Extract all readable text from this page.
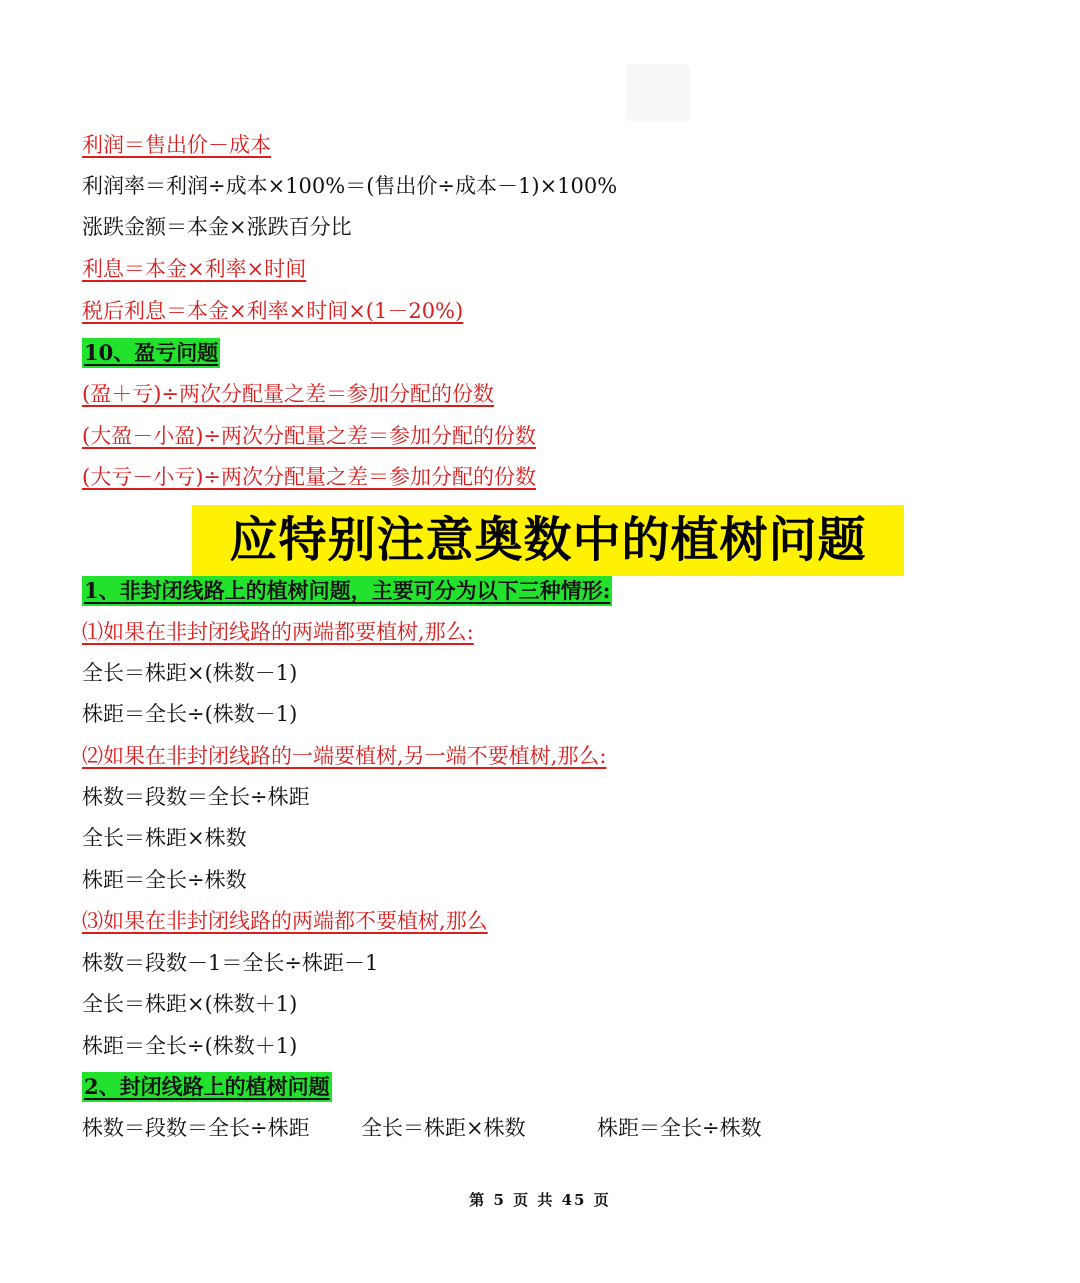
利润＝售出价－成本
利润率＝利润÷成本×100%＝(售出价÷成本－1)×100%
涨跌金额＝本金×涨跌百分比
利息＝本金×利率×时间
税后利息＝本金×利率×时间×(1－20%)
10、盈亏问题
(盈＋亏)÷两次分配量之差＝参加分配的份数
(大盈－小盈)÷两次分配量之差＝参加分配的份数
(大亏－小亏)÷两次分配量之差＝参加分配的份数
应特别注意奥数中的植树问题
1、非封闭线路上的植树问题，主要可分为以下三种情形:
⑴如果在非封闭线路的两端都要植树,那么:
全长＝株距×(株数－1)
株距＝全长÷(株数－1)
⑵如果在非封闭线路的一端要植树,另一端不要植树,那么:
株数＝段数＝全长÷株距
全长＝株距×株数
株距＝全长÷株数
⑶如果在非封闭线路的两端都不要植树,那么
株数＝段数－1＝全长÷株距－1
全长＝株距×(株数＋1)
株距＝全长÷(株数＋1)
2、封闭线路上的植树问题
株数＝段数＝全长÷株距 全长＝株距×株数	株距＝全长÷株数
第 5 页 共 45 页
